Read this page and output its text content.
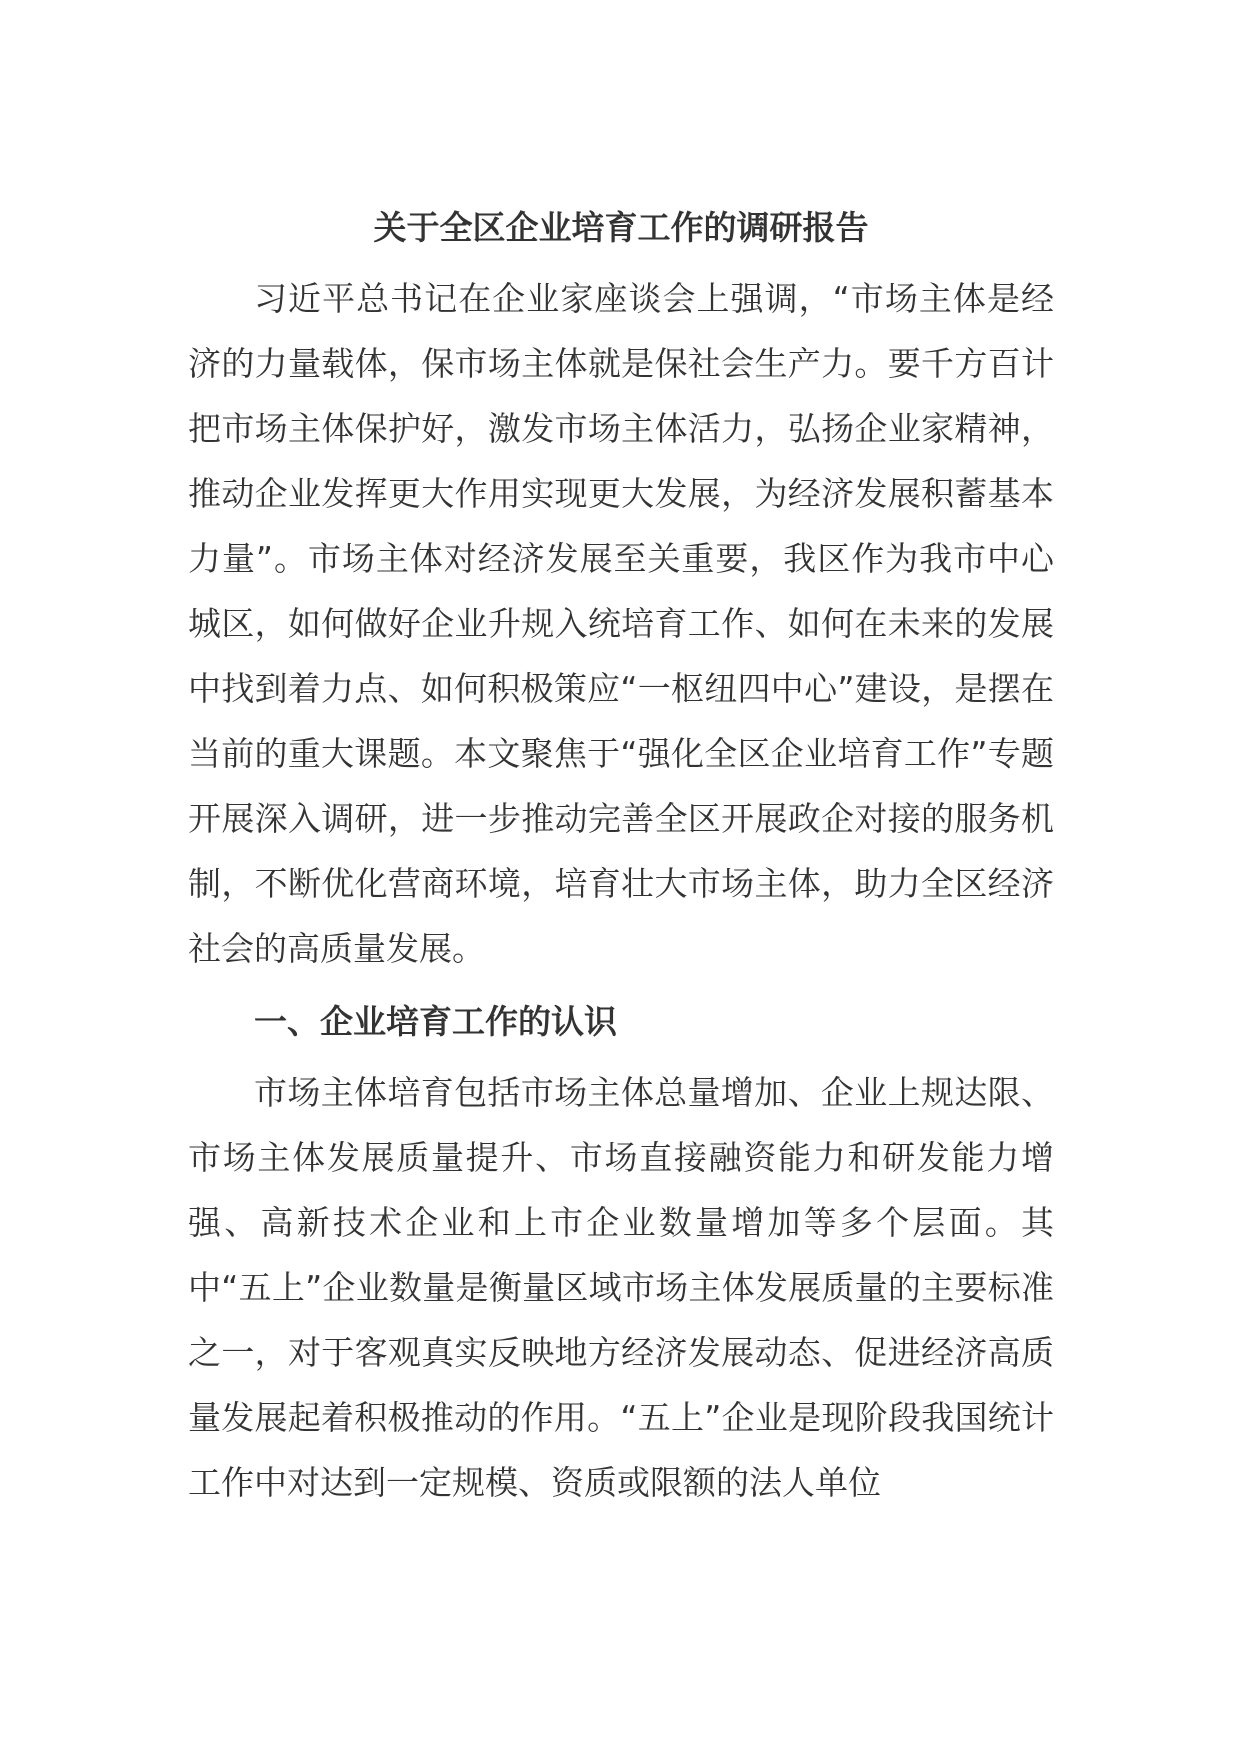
关于全区企业培育工作的调研报告

习近平总书记在企业家座谈会上强调，“市场主体是经济的力量载体，保市场主体就是保社会生产力。要千方百计把市场主体保护好，激发市场主体活力，弘扬企业家精神，推动企业发挥更大作用实现更大发展，为经济发展积蓄基本力量”。市场主体对经济发展至关重要，我区作为我市中心城区，如何做好企业升规入统培育工作、如何在未来的发展中找到着力点、如何积极策应“一枢纽四中心”建设，是摆在当前的重大课题。本文聚焦于“强化全区企业培育工作”专题开展深入调研，进一步推动完善全区开展政企对接的服务机制，不断优化营商环境，培育壮大市场主体，助力全区经济社会的高质量发展。

一、企业培育工作的认识

市场主体培育包括市场主体总量增加、企业上规达限、市场主体发展质量提升、市场直接融资能力和研发能力增强、高新技术企业和上市企业数量增加等多个层面。其中“五上”企业数量是衡量区域市场主体发展质量的主要标准之一，对于客观真实反映地方经济发展动态、促进经济高质量发展起着积极推动的作用。“五上”企业是现阶段我国统计工作中对达到一定规模、资质或限额的法人单位
